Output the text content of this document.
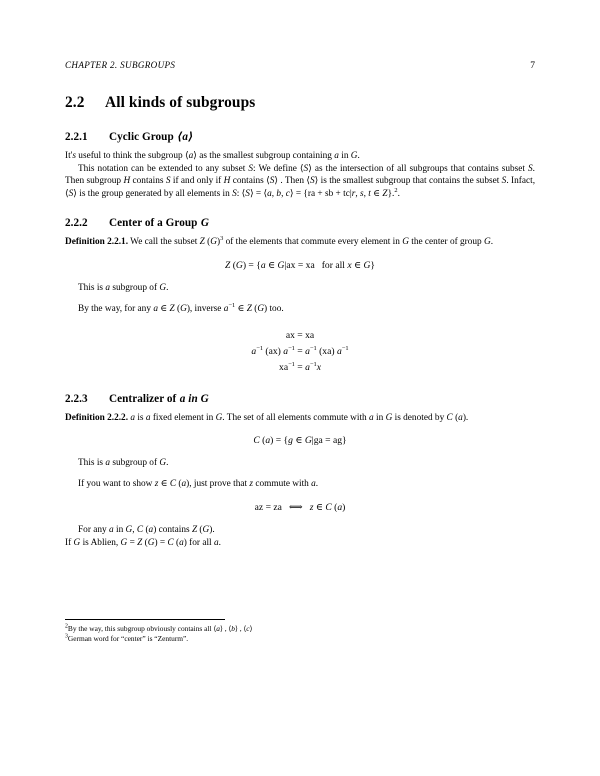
CHAPTER 2. SUBGROUPS	7
2.2 All kinds of subgroups
2.2.1 Cyclic Group ⟨a⟩

It's useful to think the subgroup ⟨a⟩ as the smallest subgroup containing a in G.

This notation can be extended to any subset S: We define ⟨S⟩ as the intersection of all subgroups that contains subset S. Then subgroup H contains S if and only if H contains ⟨S⟩ . Then ⟨S⟩ is the smallest subgroup that contains the subset S. Infact, ⟨S⟩ is the group generated by all elements in S: ⟨S⟩ = ⟨a, b, c⟩ = {ra + sb + tc|r, s, t ∈ Z}.$^2$.

2.2.2 Center of a Group G

Definition 2.2.1. We call the subset Z (G)$^3$ of the elements that commute every element in G the center of group G.

Z (G) = {a ∈ G|ax = xa for all x ∈ G}

This is a subgroup of G.

By the way, for any a ∈ Z (G), inverse $a^{-1}$ ∈ Z (G) too.

ax = xa
$a^{-1}$ (ax) $a^{-1} = a^{-1}$ (xa) $a^{-1}$
$xa^{-1} = a^{-1}x$
2.2.3 Centralizer of a in G

Definition 2.2.2. a is a fixed element in G. The set of all elements commute with a in G is denoted by C (a).

C (a) = {g ∈ G|ga = ag}

This is a subgroup of G.

If you want to show z ∈ C (a), just prove that z commute with a.

az = za ⟺ z ∈ C (a)

For any a in G, C (a) contains Z (G).

If G is Ablien, G = Z (G) = C (a) for all a.

$^2$By the way, this subgroup obviously contains all ⟨a⟩ , ⟨b⟩ , ⟨c⟩

$^3$German word for “center” is “Zenturm”.
